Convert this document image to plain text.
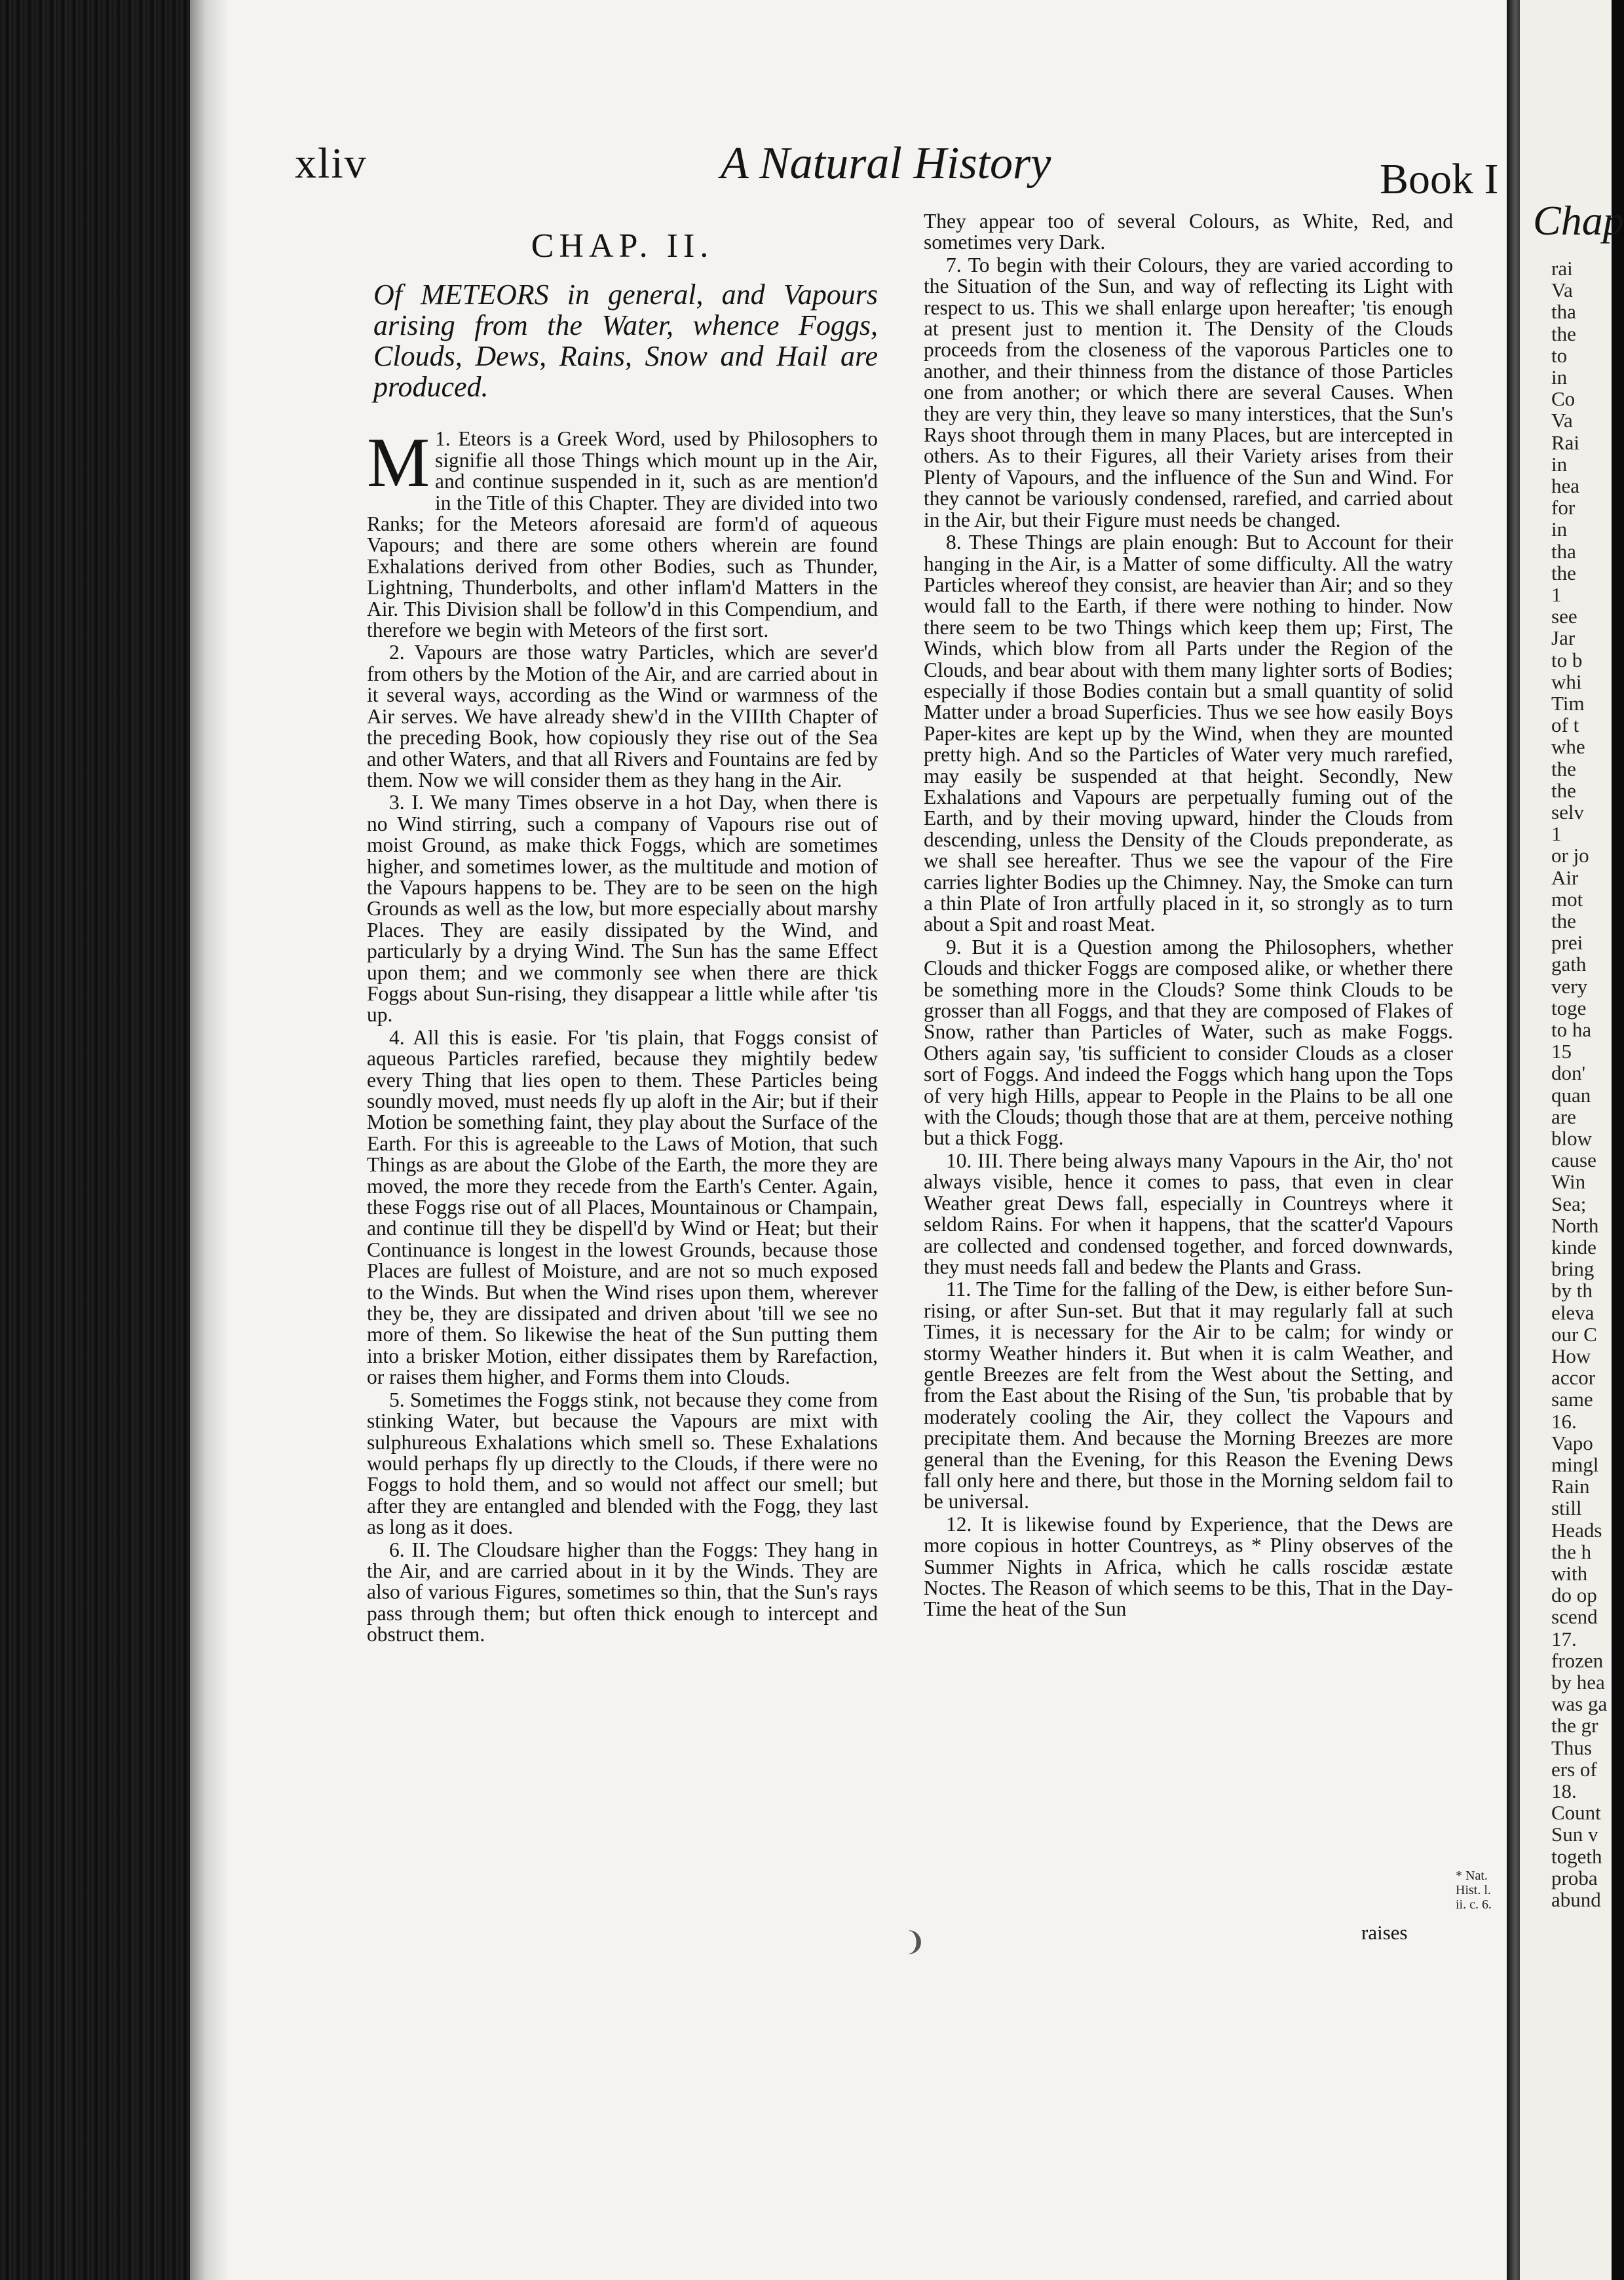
xliv	A Natural History	Book I
CHAP. II.
Of METEORS in general, and Vapours arising from the Water, whence Foggs, Clouds, Dews, Rains, Snow and Hail are produced.

1.
M Eteors is a Greek Word, used by Philosophers to signifie all those Things which mount up in the Air, and continue suspended in it, such as are mention'd in the Title of this Chapter. They are divided into two Ranks; for the Meteors aforesaid are form'd of aqueous Vapours; and there are some others wherein are found Exhalations derived from other Bodies, such as Thunder, Lightning, Thunderbolts, and other inflam'd Matters in the Air. This Division shall be follow'd in this Compendium, and therefore we begin with Meteors of the first sort.

2. Vapours are those watry Particles, which are sever'd from others by the Motion of the Air, and are carried about in it several ways, according as the Wind or warmness of the Air serves. We have already shew'd in the VIIIth Chapter of the preceding Book, how copiously they rise out of the Sea and other Waters, and that all Rivers and Fountains are fed by them. Now we will consider them as they hang in the Air.

3. I. We many Times observe in a hot Day, when there is no Wind stirring, such a company of Vapours rise out of moist Ground, as make thick Foggs, which are sometimes higher, and sometimes lower, as the multitude and motion of the Vapours happens to be. They are to be seen on the high Grounds as well as the low, but more especially about marshy Places. They are easily dissipated by the Wind, and particularly by a drying Wind. The Sun has the same Effect upon them; and we commonly see when there are thick Foggs about Sun-rising, they disappear a little while after 'tis up.

4. All this is easie. For 'tis plain, that Foggs consist of aqueous Particles rarefied, because they mightily bedew every Thing that lies open to them. These Particles being soundly moved, must needs fly up aloft in the Air; but if their Motion be something faint, they play about the Surface of the Earth. For this is agreeable to the Laws of Motion, that such Things as are about the Globe of the Earth, the more they are moved, the more they recede from the Earth's Center. Again, these Foggs rise out of all Places, Mountainous or Champain, and continue till they be dispell'd by Wind or Heat; but their Continuance is longest in the lowest Grounds, because those Places are fullest of Moisture, and are not so much exposed to the Winds. But when the Wind rises upon them, wherever they be, they are dissipated and driven about 'till we see no more of them. So likewise the heat of the Sun putting them into a brisker Motion, either dissipates them by Rarefaction, or raises them higher, and Forms them into Clouds.

5. Sometimes the Foggs stink, not because they come from stinking Water, but because the Vapours are mixt with sulphureous Exhalations which smell so. These Exhalations would perhaps fly up directly to the Clouds, if there were no Foggs to hold them, and so would not affect our smell; but after they are entangled and blended with the Fogg, they last as long as it does.

6. II. The Cloudsare higher than the Foggs: They hang in the Air, and are carried about in it by the Winds. They are also of various Figures, sometimes so thin, that the Sun's rays pass through them; but often thick enough to intercept and obstruct them.

They appear too of several Colours, as White, Red, and sometimes very Dark.

7. To begin with their Colours, they are varied according to the Situation of the Sun, and way of reflecting its Light with respect to us. This we shall enlarge upon hereafter; 'tis enough at present just to mention it. The Density of the Clouds proceeds from the closeness of the vaporous Particles one to another, and their thinness from the distance of those Particles one from another; or which there are several Causes. When they are very thin, they leave so many interstices, that the Sun's Rays shoot through them in many Places, but are intercepted in others. As to their Figures, all their Variety arises from their Plenty of Vapours, and the influence of the Sun and Wind. For they cannot be variously condensed, rarefied, and carried about in the Air, but their Figure must needs be changed.

8. These Things are plain enough: But to Account for their hanging in the Air, is a Matter of some difficulty. All the watry Particles whereof they consist, are heavier than Air; and so they would fall to the Earth, if there were nothing to hinder. Now there seem to be two Things which keep them up; First, The Winds, which blow from all Parts under the Region of the Clouds, and bear about with them many lighter sorts of Bodies; especially if those Bodies contain but a small quantity of solid Matter under a broad Superficies. Thus we see how easily Boys Paper-kites are kept up by the Wind, when they are mounted pretty high. And so the Particles of Water very much rarefied, may easily be suspended at that height. Secondly, New Exhalations and Vapours are perpetually fuming out of the Earth, and by their moving upward, hinder the Clouds from descending, unless the Density of the Clouds preponderate, as we shall see hereafter. Thus we see the vapour of the Fire carries lighter Bodies up the Chimney. Nay, the Smoke can turn a thin Plate of Iron artfully placed in it, so strongly as to turn about a Spit and roast Meat.

9. But it is a Question among the Philosophers, whether Clouds and thicker Foggs are composed alike, or whether there be something more in the Clouds? Some think Clouds to be grosser than all Foggs, and that they are composed of Flakes of Snow, rather than Particles of Water, such as make Foggs. Others again say, 'tis sufficient to consider Clouds as a closer sort of Foggs. And indeed the Foggs which hang upon the Tops of very high Hills, appear to People in the Plains to be all one with the Clouds; though those that are at them, perceive nothing but a thick Fogg.

10. III. There being always many Vapours in the Air, tho' not always visible, hence it comes to pass, that even in clear Weather great Dews fall, especially in Countreys where it seldom Rains. For when it happens, that the scatter'd Vapours are collected and condensed together, and forced downwards, they must needs fall and bedew the Plants and Grass.

11. The Time for the falling of the Dew, is either before Sun-rising, or after Sun-set. But that it may regularly fall at such Times, it is necessary for the Air to be calm; for windy or stormy Weather hinders it. But when it is calm Weather, and gentle Breezes are felt from the West about the Setting, and from the East about the Rising of the Sun, 'tis probable that by moderately cooling the Air, they collect the Vapours and precipitate them. And because the Morning Breezes are more general than the Evening, for this Reason the Evening Dews fall only here and there, but those in the Morning seldom fail to be universal.

12. It is likewise found by Experience, that the Dews are more copious in hotter Countreys, as * Pliny observes of the Summer Nights in Africa, which he calls roscidæ æstate Noctes. The Reason of which seems to be this, That in the Day-Time the heat of the Sun

raises
* Nat. Hist. l. ii. c. 6.
❩
Chap
rai
Va
tha
the
to
in
Co
Va
Rai
in
hea
for
in
tha
the
1
see
Jar
to b
whi
Tim
of t
whe
the
the
selv
1
or jo
Air
mot
the
prei
gath
very
toge
to ha
15
don'
quan
are
blow
cause
Win
Sea;
North
kinde
bring
by th
eleva
our C
How
accor
same
16.
Vapo
mingl
Rain
still
Heads
the h
with
do op
scend
17.
frozen
by hea
was ga
the gr
Thus
ers of
18.
Count
Sun v
togeth
proba
abund
